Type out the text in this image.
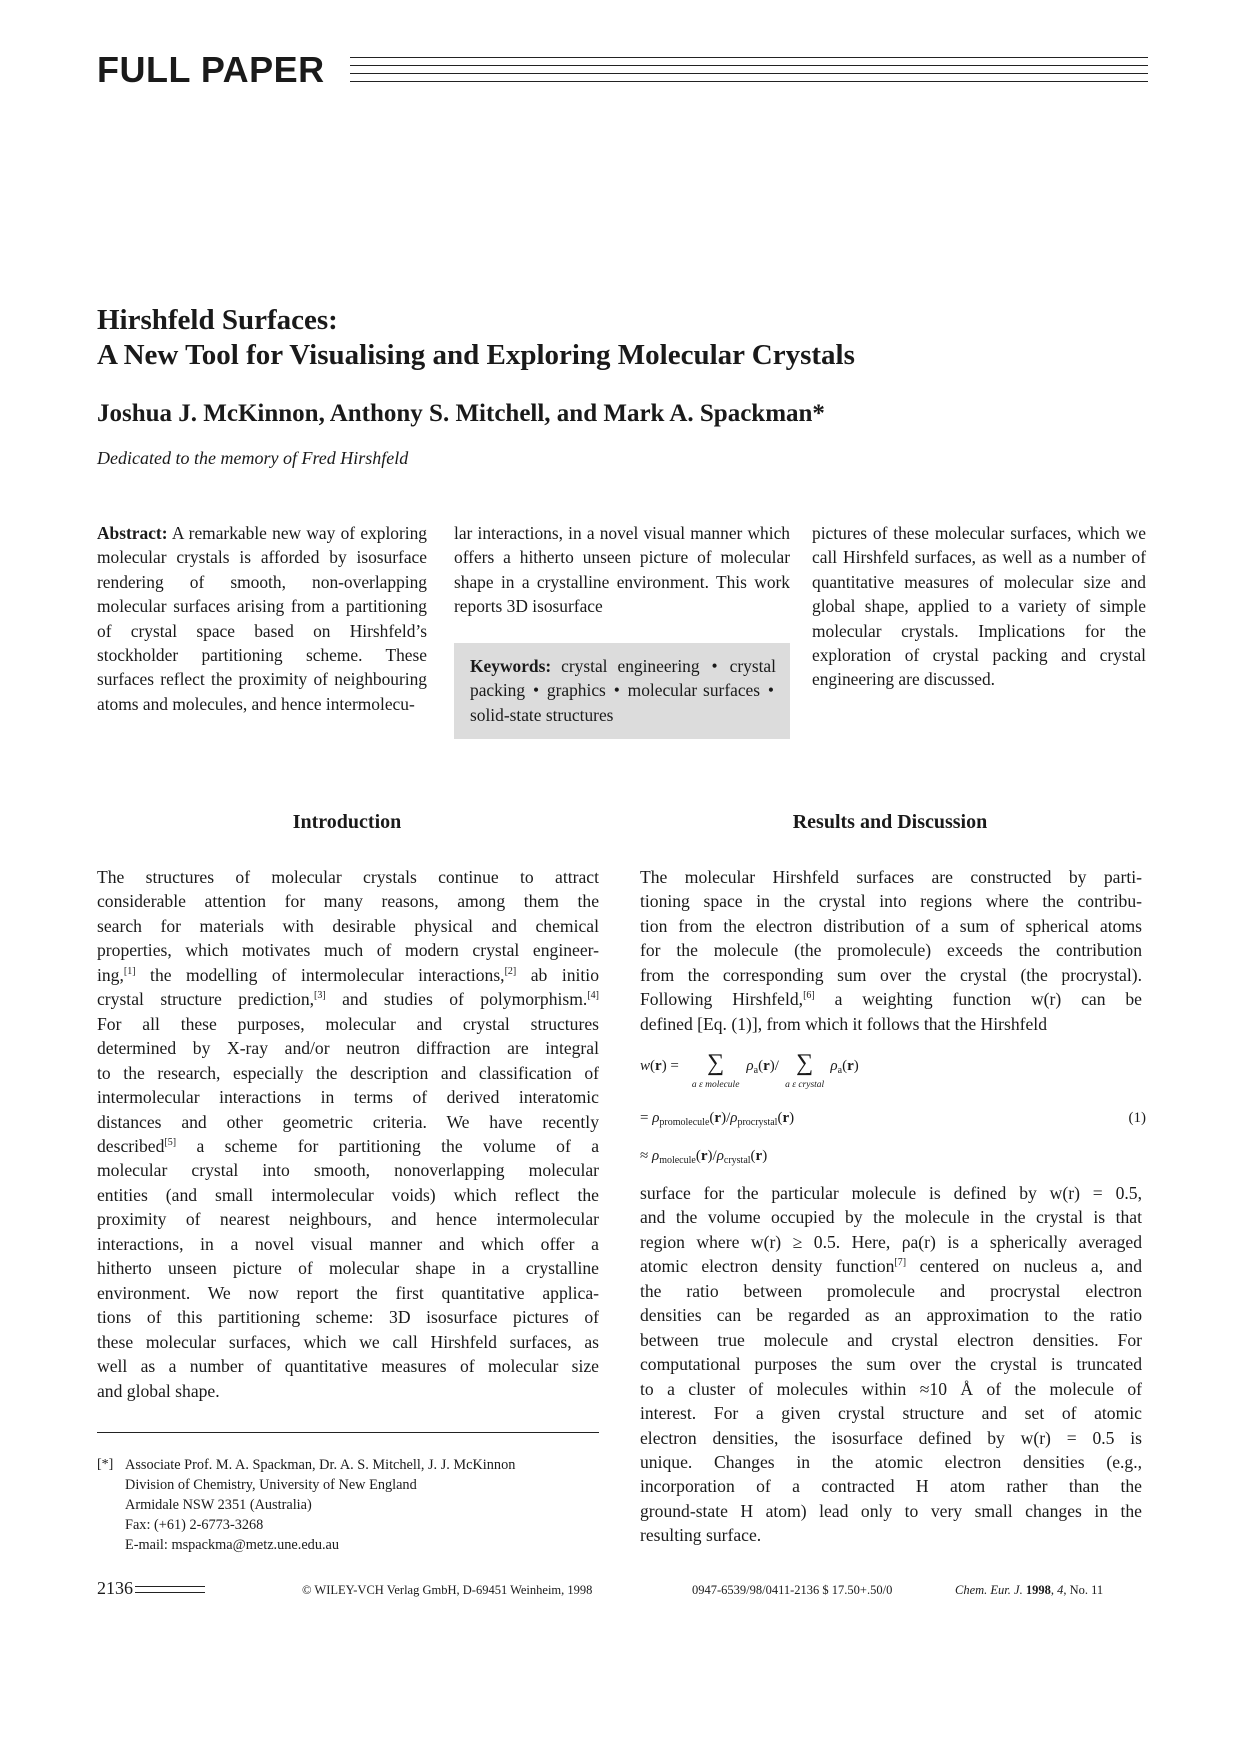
FULL PAPER
Hirshfeld Surfaces:
A New Tool for Visualising and Exploring Molecular Crystals

Joshua J. McKinnon, Anthony S. Mitchell, and Mark A. Spackman*

Dedicated to the memory of Fred Hirshfeld

Abstract: A remarkable new way of exploring molecular crystals is afforded by isosurface rendering of smooth, non-overlapping molecular surfaces arising from a partitioning of crystal space based on Hirshfeld’s stockholder partitioning scheme. These surfaces reflect the proximity of neighbouring atoms and molecules, and hence intermolecu-

lar interactions, in a novel visual manner which offers a hitherto unseen picture of molecular shape in a crystalline environment. This work reports 3D isosurface

pictures of these molecular surfaces, which we call Hirshfeld surfaces, as well as a number of quantitative measures of molecular size and global shape, applied to a variety of simple molecular crystals. Implications for the exploration of crystal packing and crystal engineering are discussed.

Keywords: crystal engineering • crystal packing • graphics • molecular surfaces • solid-state structures
Introduction	Results and Discussion
The structures of molecular crystals continue to attract
considerable attention for many reasons, among them the
search for materials with desirable physical and chemical
properties, which motivates much of modern crystal engineer-
ing,[1] the modelling of intermolecular interactions,[2] ab initio
crystal structure prediction,[3] and studies of polymorphism.[4]
For all these purposes, molecular and crystal structures
determined by X-ray and/or neutron diffraction are integral
to the research, especially the description and classification of
intermolecular interactions in terms of derived interatomic
distances and other geometric criteria. We have recently
described[5] a scheme for partitioning the volume of a
molecular crystal into smooth, nonoverlapping molecular
entities (and small intermolecular voids) which reflect the
proximity of nearest neighbours, and hence intermolecular
interactions, in a novel visual manner and which offer a
hitherto unseen picture of molecular shape in a crystalline
environment. We now report the first quantitative applica-
tions of this partitioning scheme: 3D isosurface pictures of
these molecular surfaces, which we call Hirshfeld surfaces, as
well as a number of quantitative measures of molecular size
and global shape.
The molecular Hirshfeld surfaces are constructed by parti-
tioning space in the crystal into regions where the contribu-
tion from the electron distribution of a sum of spherical atoms
for the molecule (the promolecule) exceeds the contribution
from the corresponding sum over the crystal (the procrystal).
Following Hirshfeld,[6] a weighting function w(r) can be
defined [Eq. (1)], from which it follows that the Hirshfeld

w(r) = ∑
a ε molecule $\rho_a(r)/$ ∑
a ε crystal $\rho_a(r)$

= $\rho_{promolecule}(r)/\rho_{procrystal}(r)$	(1)

≈ $\rho_{molecule}(r)/\rho_{crystal}(r)$

surface for the particular molecule is defined by w(r) = 0.5,
and the volume occupied by the molecule in the crystal is that
region where w(r) ≥ 0.5. Here, ρa(r) is a spherically averaged
atomic electron density function[7] centered on nucleus a, and
the ratio between promolecule and procrystal electron
densities can be regarded as an approximation to the ratio
between true molecule and crystal electron densities. For
computational purposes the sum over the crystal is truncated
to a cluster of molecules within ≈10 Å of the molecule of
interest. For a given crystal structure and set of atomic
electron densities, the isosurface defined by w(r) = 0.5 is
unique. Changes in the atomic electron densities (e.g.,
incorporation of a contracted H atom rather than the
ground-state H atom) lead only to very small changes in the
resulting surface.

[*] Associate Prof. M. A. Spackman, Dr. A. S. Mitchell, J. J. McKinnon

Division of Chemistry, University of New England

Armidale NSW 2351 (Australia)

Fax: (+61) 2-6773-3268

E-mail: mspackma@metz.une.edu.au

2136	© WILEY-VCH Verlag GmbH, D-69451 Weinheim, 1998	0947-6539/98/0411-2136 $ 17.50+.50/0	Chem. Eur. J. 1998, 4, No. 11
